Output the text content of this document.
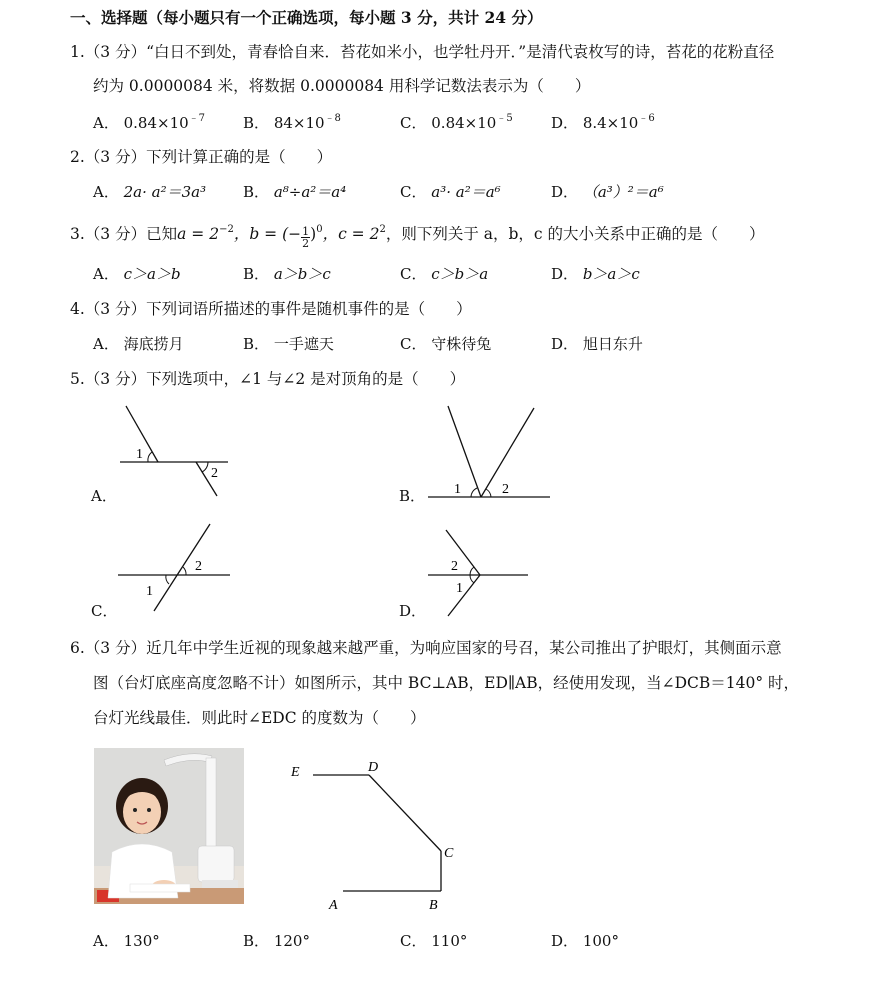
一、选择题（每小题只有一个正确选项，每小题 3 分，共计 24 分）
1.（3 分）“白日不到处，青春恰自来．苔花如米小，也学牡丹开．”是清代袁枚写的诗，苔花的花粉直径
约为 0.0000084 米，将数据 0.0000084 用科学记数法表示为（　　）
A． $0.84\times 10^{﹣7}$	B． $84\times 10^{﹣8}$	C． $0.84\times 10^{﹣5}$	D． $8.4\times 10^{﹣6}$
2.（3 分）下列计算正确的是（　　）
A． 2a· a²＝3a³ B． a⁸÷a²＝a⁴	C． a³· a²＝a⁶	D． （a³）²＝a⁶
3.（3 分）已知$a = 2^{-2}$，b = (− $\frac{1}{2} )^0$，$c = 2^2$，则下列关于 a，b，c 的大小关系中正确的是（　　）
A． c＞a＞b	B． a＞b＞c	C． c＞b＞a	D． b＞a＞c
4.（3 分）下列词语所描述的事件是随机事件的是（　　）
A． 海底捞月	B． 一手遮天	C． 守株待兔	D． 旭日东升
5.（3 分）下列选项中，∠1 与∠2 是对顶角的是（　　）
A．
1
2
B． 1	2
C．
2
1
D．
2
1
6.（3 分）近几年中学生近视的现象越来越严重，为响应国家的号召，某公司推出了护眼灯，其侧面示意
图（台灯底座高度忽略不计）如图所示，其中 BC⊥AB，ED∥AB，经使用发现，当∠DCB＝140° 时，
台灯光线最佳．则此时∠EDC 的度数为（　　）
E	D
C
A	B
A． 130°	B． 120°	C． 110°	D． 100°
